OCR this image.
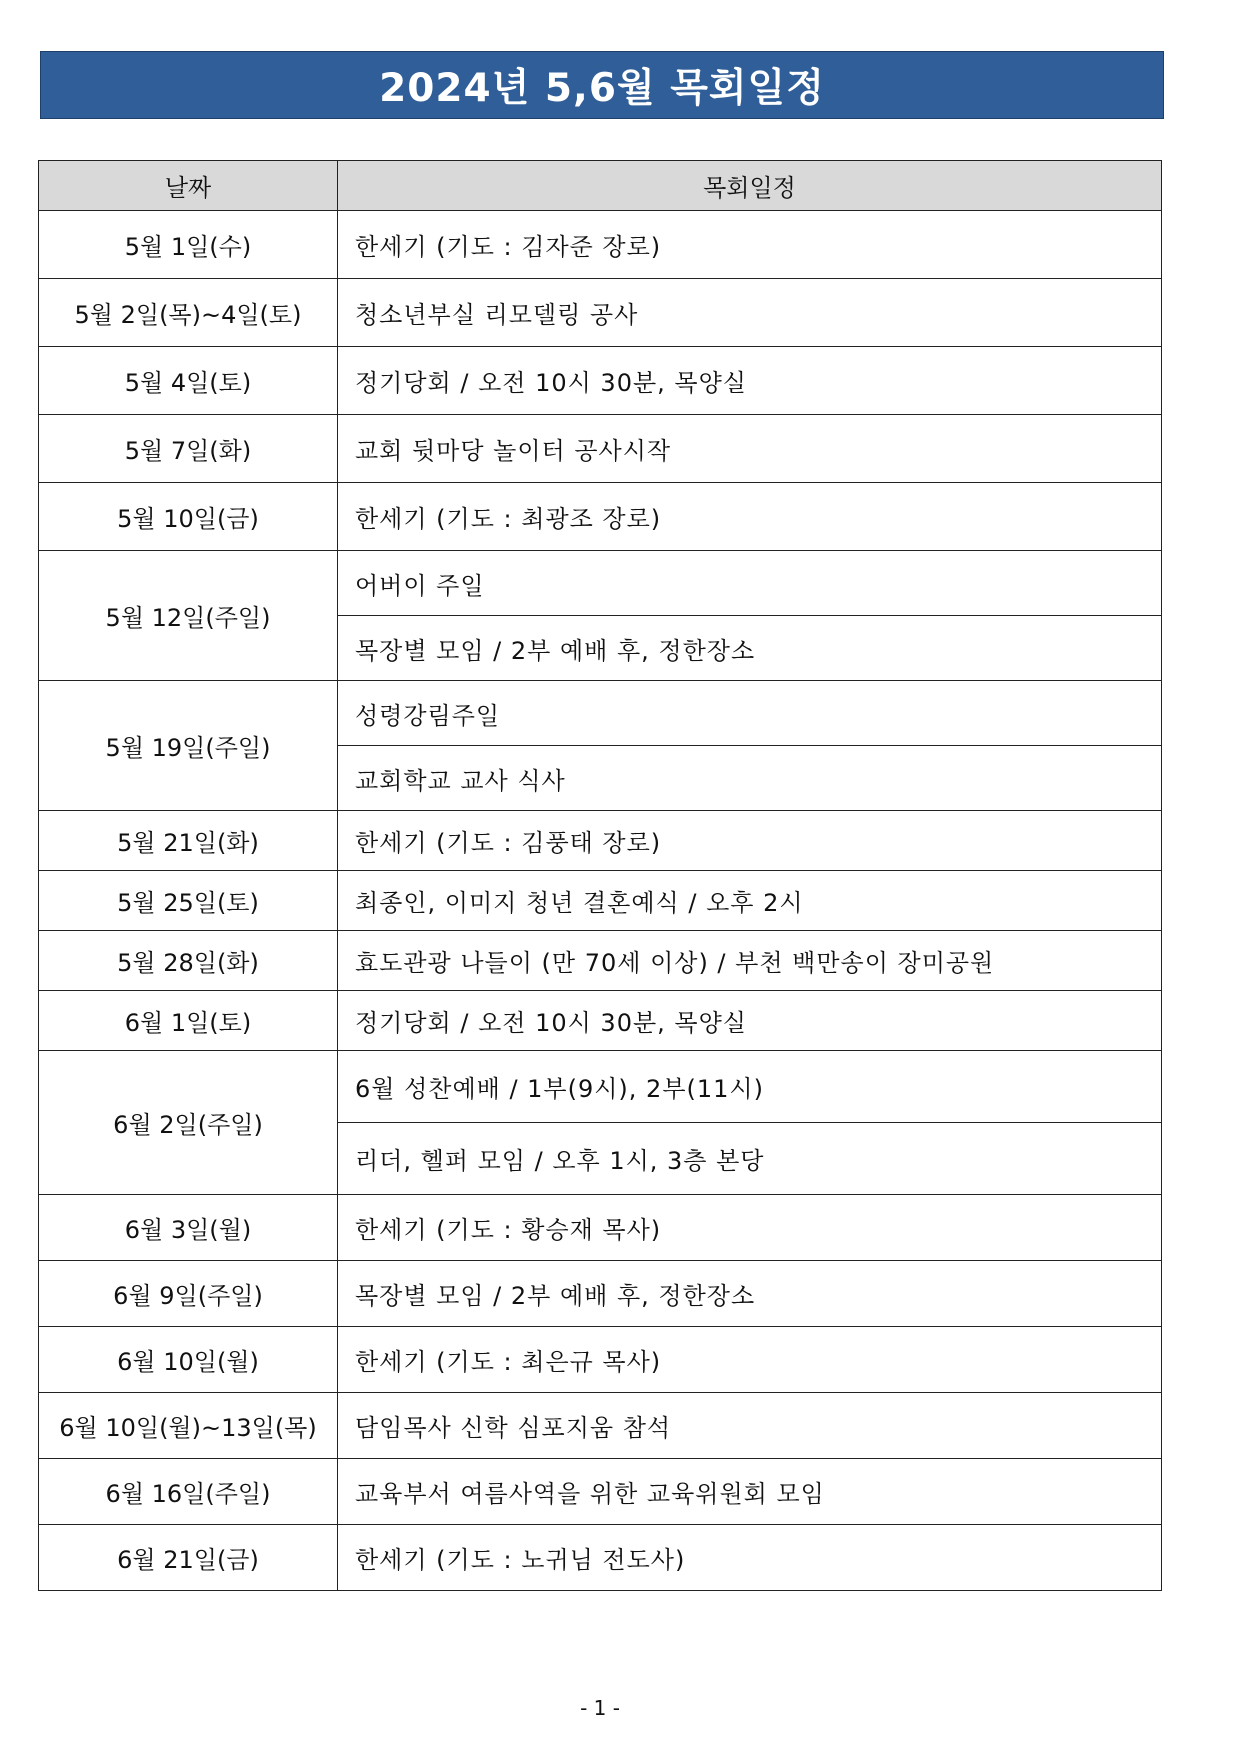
2024년 5,6월 목회일정
날짜	목회일정
5월 1일(수)	한세기 (기도 : 김자준 장로)
5월 2일(목)~4일(토)	청소년부실 리모델링 공사
5월 4일(토)	정기당회 / 오전 10시 30분, 목양실
5월 7일(화)	교회 뒷마당 놀이터 공사시작
5월 10일(금)	한세기 (기도 : 최광조 장로)
5월 12일(주일)	어버이 주일
	목장별 모임 / 2부 예배 후, 정한장소
5월 19일(주일)	성령강림주일
	교회학교 교사 식사
5월 21일(화)	한세기 (기도 : 김풍태 장로)
5월 25일(토)	최종인, 이미지 청년 결혼예식 / 오후 2시
5월 28일(화)	효도관광 나들이 (만 70세 이상) / 부천 백만송이 장미공원
6월 1일(토)	정기당회 / 오전 10시 30분, 목양실
6월 2일(주일)	6월 성찬예배 / 1부(9시), 2부(11시)
	리더, 헬퍼 모임 / 오후 1시, 3층 본당
6월 3일(월)	한세기 (기도 : 황승재 목사)
6월 9일(주일)	목장별 모임 / 2부 예배 후, 정한장소
6월 10일(월)	한세기 (기도 : 최은규 목사)
6월 10일(월)~13일(목)	담임목사 신학 심포지움 참석
6월 16일(주일)	교육부서 여름사역을 위한 교육위원회 모임
6월 21일(금)	한세기 (기도 : 노귀님 전도사)
- 1 -
